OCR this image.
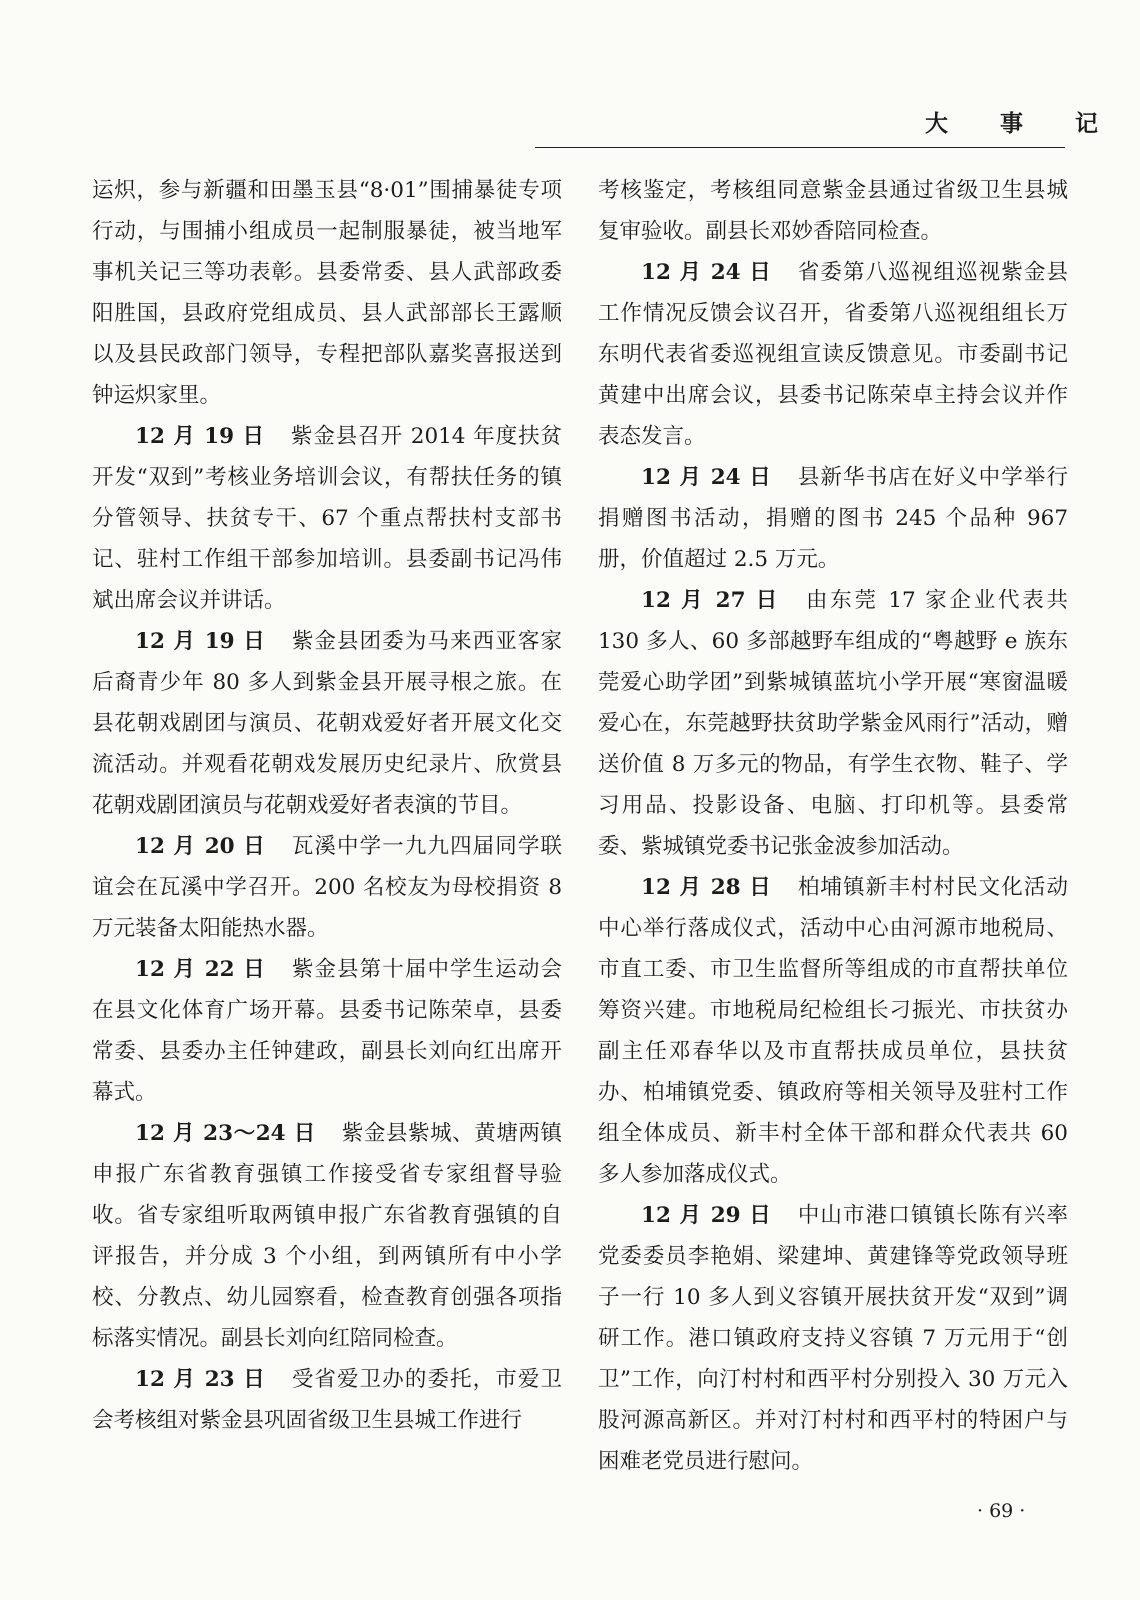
大 事 记

运炽，参与新疆和田墨玉县“8·01”围捕暴徒专项行动，与围捕小组成员一起制服暴徒，被当地军事机关记三等功表彰。县委常委、县人武部政委阳胜国，县政府党组成员、县人武部部长王露顺以及县民政部门领导，专程把部队嘉奖喜报送到钟运炽家里。

12 月 19 日 紫金县召开 2014 年度扶贫开发“双到”考核业务培训会议，有帮扶任务的镇分管领导、扶贫专干、67 个重点帮扶村支部书记、驻村工作组干部参加培训。县委副书记冯伟斌出席会议并讲话。

12 月 19 日 紫金县团委为马来西亚客家后裔青少年 80 多人到紫金县开展寻根之旅。在县花朝戏剧团与演员、花朝戏爱好者开展文化交流活动。并观看花朝戏发展历史纪录片、欣赏县花朝戏剧团演员与花朝戏爱好者表演的节目。

12 月 20 日 瓦溪中学一九九四届同学联谊会在瓦溪中学召开。200 名校友为母校捐资 8 万元装备太阳能热水器。

12 月 22 日 紫金县第十届中学生运动会在县文化体育广场开幕。县委书记陈荣卓，县委常委、县委办主任钟建政，副县长刘向红出席开幕式。

12 月 23～24 日 紫金县紫城、黄塘两镇申报广东省教育强镇工作接受省专家组督导验收。省专家组听取两镇申报广东省教育强镇的自评报告，并分成 3 个小组，到两镇所有中小学校、分教点、幼儿园察看，检查教育创强各项指标落实情况。副县长刘向红陪同检查。

12 月 23 日 受省爱卫办的委托，市爱卫会考核组对紫金县巩固省级卫生县城工作进行

考核鉴定，考核组同意紫金县通过省级卫生县城复审验收。副县长邓妙香陪同检查。

12 月 24 日 省委第八巡视组巡视紫金县工作情况反馈会议召开，省委第八巡视组组长万东明代表省委巡视组宣读反馈意见。市委副书记黄建中出席会议，县委书记陈荣卓主持会议并作表态发言。

12 月 24 日 县新华书店在好义中学举行捐赠图书活动，捐赠的图书 245 个品种 967 册，价值超过 2.5 万元。

12 月 27 日 由东莞 17 家企业代表共 130 多人、60 多部越野车组成的“粤越野 e 族东莞爱心助学团”到紫城镇蓝坑小学开展“寒窗温暖爱心在，东莞越野扶贫助学紫金风雨行”活动，赠送价值 8 万多元的物品，有学生衣物、鞋子、学习用品、投影设备、电脑、打印机等。县委常委、紫城镇党委书记张金波参加活动。

12 月 28 日 柏埔镇新丰村村民文化活动中心举行落成仪式，活动中心由河源市地税局、市直工委、市卫生监督所等组成的市直帮扶单位筹资兴建。市地税局纪检组长刁振光、市扶贫办副主任邓春华以及市直帮扶成员单位，县扶贫办、柏埔镇党委、镇政府等相关领导及驻村工作组全体成员、新丰村全体干部和群众代表共 60 多人参加落成仪式。

12 月 29 日 中山市港口镇镇长陈有兴率党委委员李艳娟、梁建坤、黄建锋等党政领导班子一行 10 多人到义容镇开展扶贫开发“双到”调研工作。港口镇政府支持义容镇 7 万元用于“创卫”工作，向汀村村和西平村分别投入 30 万元入股河源高新区。并对汀村村和西平村的特困户与困难老党员进行慰问。

· 69 ·
